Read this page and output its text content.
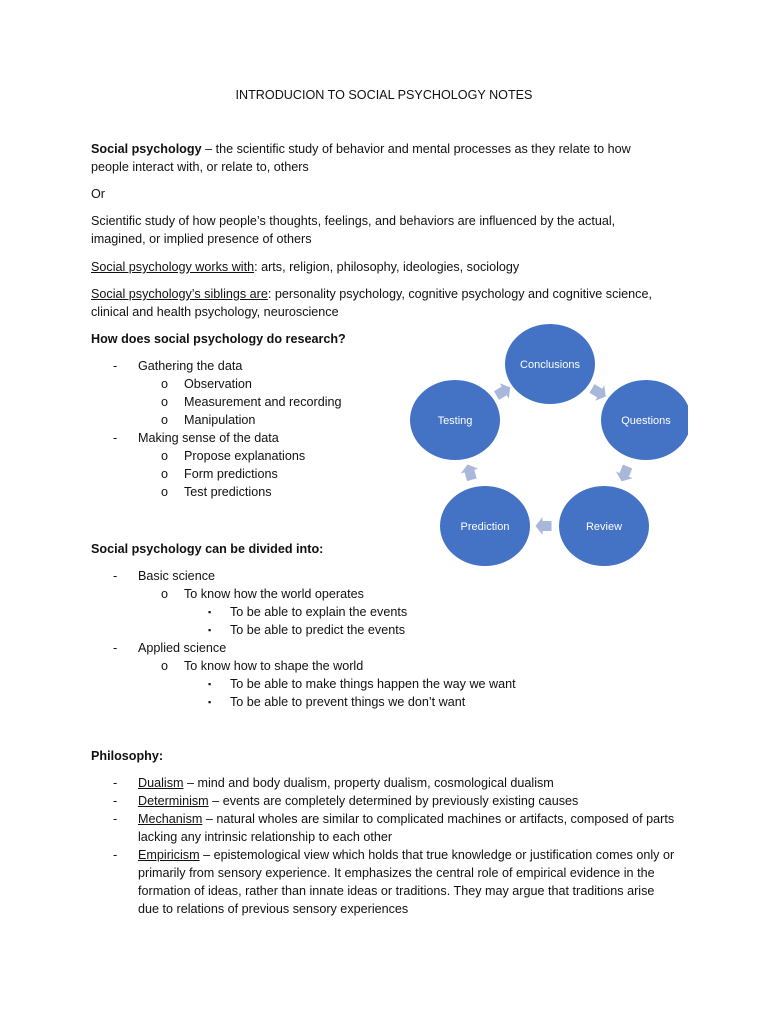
INTRODUCION TO SOCIAL PSYCHOLOGY NOTES
Social psychology – the scientific study of behavior and mental processes as they relate to how people interact with, or relate to, others
Or
Scientific study of how people’s thoughts, feelings, and behaviors are influenced by the actual, imagined, or implied presence of others
Social psychology works with: arts, religion, philosophy, ideologies, sociology
Social psychology’s siblings are: personality psychology, cognitive psychology and cognitive science, clinical and health psychology, neuroscience
How does social psychology do research?
- Gathering the data
o Observation
o Measurement and recording
o Manipulation
- Making sense of the data
o Propose explanations
o Form predictions
o Test predictions
Conclusions
Questions
Review
Prediction
Testing
Social psychology can be divided into:
- Basic science
o To know how the world operates
▪ To be able to explain the events
▪ To be able to predict the events
- Applied science
o To know how to shape the world
▪ To be able to make things happen the way we want
▪ To be able to prevent things we don’t want
Philosophy:
- Dualism – mind and body dualism, property dualism, cosmological dualism
- Determinism – events are completely determined by previously existing causes
- Mechanism – natural wholes are similar to complicated machines or artifacts, composed of parts lacking any intrinsic relationship to each other
- Empiricism – epistemological view which holds that true knowledge or justification comes only or primarily from sensory experience. It emphasizes the central role of empirical evidence in the formation of ideas, rather than innate ideas or traditions. They may argue that traditions arise due to relations of previous sensory experiences
